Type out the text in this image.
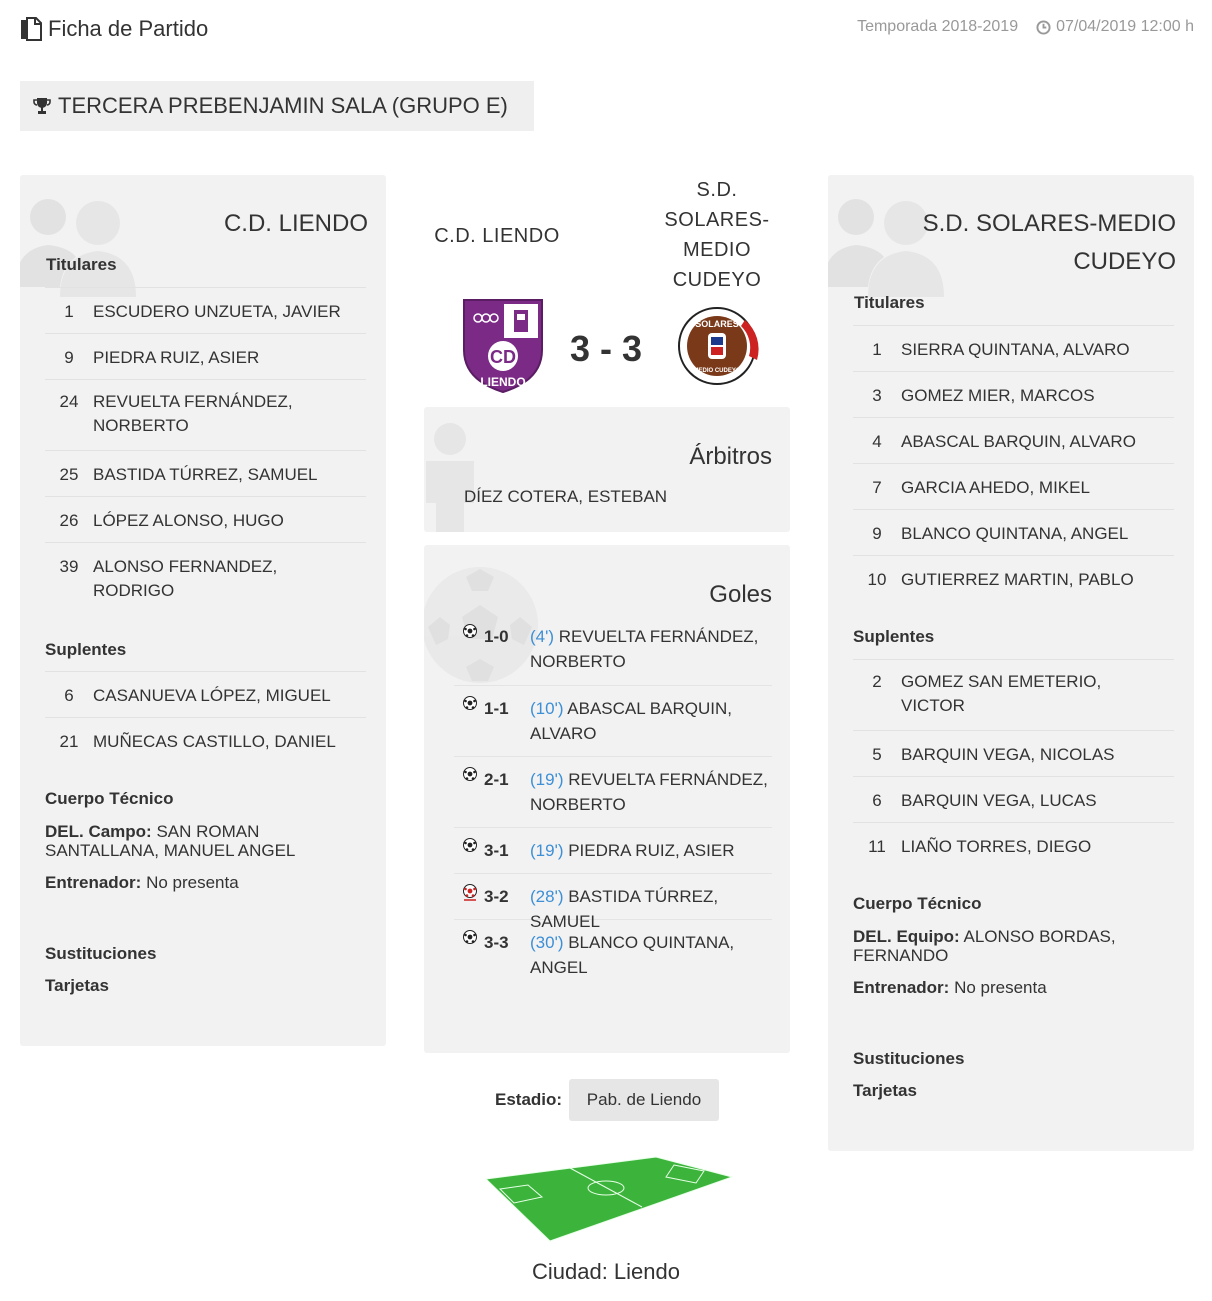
Ficha de Partido	Temporada 2018-2019 07/04/2019 12:00 h
TERCERA PREBENJAMIN SALA (GRUPO E)
C.D. LIENDO
Titulares
1	ESCUDERO UNZUETA, JAVIER
9	PIEDRA RUIZ, ASIER
24 REVUELTA FERNÁNDEZ, NORBERTO
25 BASTIDA TÚRREZ, SAMUEL
26 LÓPEZ ALONSO, HUGO
39 ALONSO FERNANDEZ, RODRIGO
Suplentes
6	CASANUEVA LÓPEZ, MIGUEL
21 MUÑECAS CASTILLO, DANIEL
Cuerpo Técnico
DEL. Campo: SAN ROMAN SANTALLANA, MANUEL ANGEL
Entrenador: No presenta
Sustituciones
Tarjetas
C.D. LIENDO
S.D. SOLARES-MEDIO CUDEYO
CD
LIENDO
3 - 3
SOLARES
MEDIO CUDEYO
Árbitros
DÍEZ COTERA, ESTEBAN
Goles
1-0	(4') REVUELTA FERNÁNDEZ, NORBERTO
1-1	(10') ABASCAL BARQUIN, ALVARO
2-1	(19') REVUELTA FERNÁNDEZ, NORBERTO
3-1	(19') PIEDRA RUIZ, ASIER
3-2	(28') BASTIDA TÚRREZ, SAMUEL
3-3	(30') BLANCO QUINTANA, ANGEL
Estadio:	Pab. de Liendo
Ciudad: Liendo
S.D. SOLARES-MEDIO CUDEYO
Titulares
1	SIERRA QUINTANA, ALVARO
3	GOMEZ MIER, MARCOS
4	ABASCAL BARQUIN, ALVARO
7	GARCIA AHEDO, MIKEL
9	BLANCO QUINTANA, ANGEL
10 GUTIERREZ MARTIN, PABLO
Suplentes
2	GOMEZ SAN EMETERIO, VICTOR
5	BARQUIN VEGA, NICOLAS
6	BARQUIN VEGA, LUCAS
11 LIAÑO TORRES, DIEGO
Cuerpo Técnico
DEL. Equipo: ALONSO BORDAS, FERNANDO
Entrenador: No presenta
Sustituciones
Tarjetas
